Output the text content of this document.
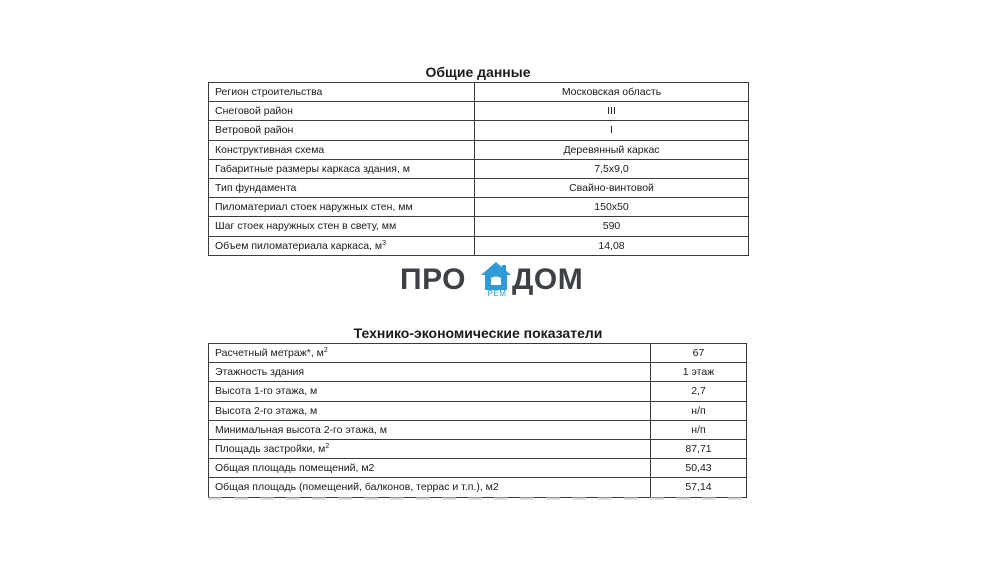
Общие данные
Регион строительства	Московская область
Снеговой район	III
Ветровой район	I
Конструктивная схема	Деревянный каркас
Габаритные размеры каркаса здания, м	7,5х9,0
Тип фундамента	Свайно-винтовой
Пиломатериал стоек наружных стен, мм	150х50
Шаг стоек наружных стен в свету, мм	590
Объем пиломатериала каркаса, $м^3$	14,08
ПРО	РЕМ ДОМ
Технико-экономические показатели
Расчетный метраж*, $м^2$	67
Этажность здания	1 этаж
Высота 1-го этажа, м	2,7
Высота 2-го этажа, м	н/п
Минимальная высота 2-го этажа, м	н/п
Площадь застройки, $м^2$	87,71
Общая площадь помещений, м2	50,43
Общая площадь (помещений, балконов, террас и т.п.), м2	57,14
